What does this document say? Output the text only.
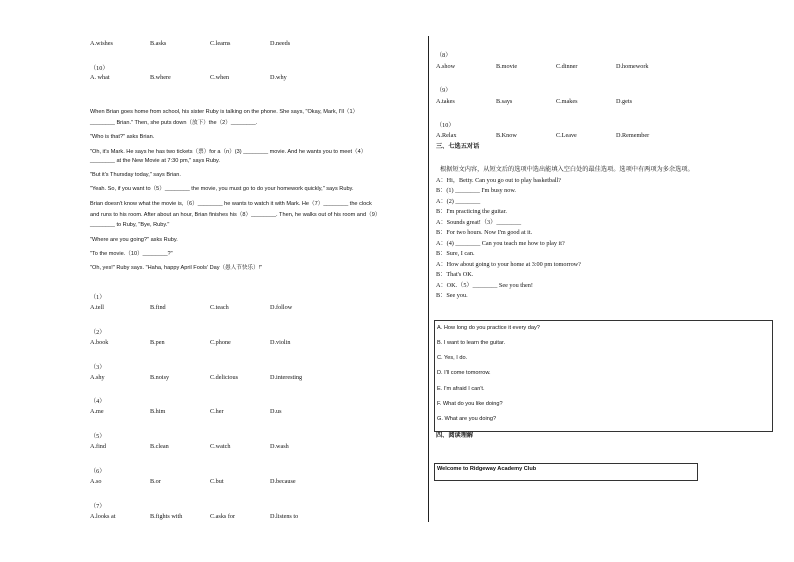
A.wishes	B.asks	C.learns	D.needs
（10）
A. what	B.where	C.when	D.why
When Brian goes home from school, his sister Ruby is talking on the phone. She says, "Okay, Mark, I'll（1）
________ Brian." Then, she puts down（放下）the（2）________.
"Who is that?" asks Brian.
"Oh, it's Mark. He says he has two tickets（票）for a（n）(3) ________ movie. And he wants you to meet（4）
________ at the New Movie at 7:30 pm," says Ruby.
"But it's Thursday today," says Brian.
"Yeah. So, if you want to（5）________ the movie, you must go to do your homework quickly," says Ruby.
Brian doesn't know what the movie is,（6）________ he wants to watch it with Mark. He（7）________ the clock
and runs to his room. After about an hour, Brian finishes his（8）________. Then, he walks out of his room and（9）
________ to Ruby, "Bye, Ruby."
"Where are you going?" asks Ruby.
"To the movie.（10）________?"
"Oh, yes!" Ruby says. "Haha, happy April Fools' Day（愚人节快乐）!"
（1）
A.tell	B.find	C.teach	D.follow
（2）
A.book	B.pen	C.phone	D.violin
（3）
A.shy	B.noisy	C.delicious	D.interesting
（4）
A.me	B.him	C.her	D.us
（5）
A.find	B.clean	C.watch	D.wash
（6）
A.so	B.or	C.but	D.because
（7）
A.looks at	B.fights with	C.asks for	D.listens to
（8）
A.show	B.movie	C.dinner	D.homework
（9）
A.takes	B.says	C.makes	D.gets
（10）
A.Relax	B.Know	C.Leave	D.Remember
三、七选五对话
根据短文内容，从短文后的选项中选出能填入空白处的最佳选项。选项中有两项为多余选项。
A：Hi，Betty. Can you go out to play basketball?
B：(1) ________ I'm busy now.
A：(2) ________
B：I'm practicing the guitar.
A：Sounds great!（3）________
B：For two hours. Now I'm good at it.
A：(4) ________ Can you teach me how to play it?
B：Sure, I can.
A：How about going to your home at 3:00 pm tomorrow?
B：That's OK.
A：OK.（5）________ See you then!
B：See you.
A. How long do you practice it every day?
B. I want to learn the guitar.
C. Yes, I do.
D. I'll come tomorrow.
E. I'm afraid I can't.
F. What do you like doing?
G. What are you doing?
四、阅读理解
Welcome to Ridgeway Academy Club
